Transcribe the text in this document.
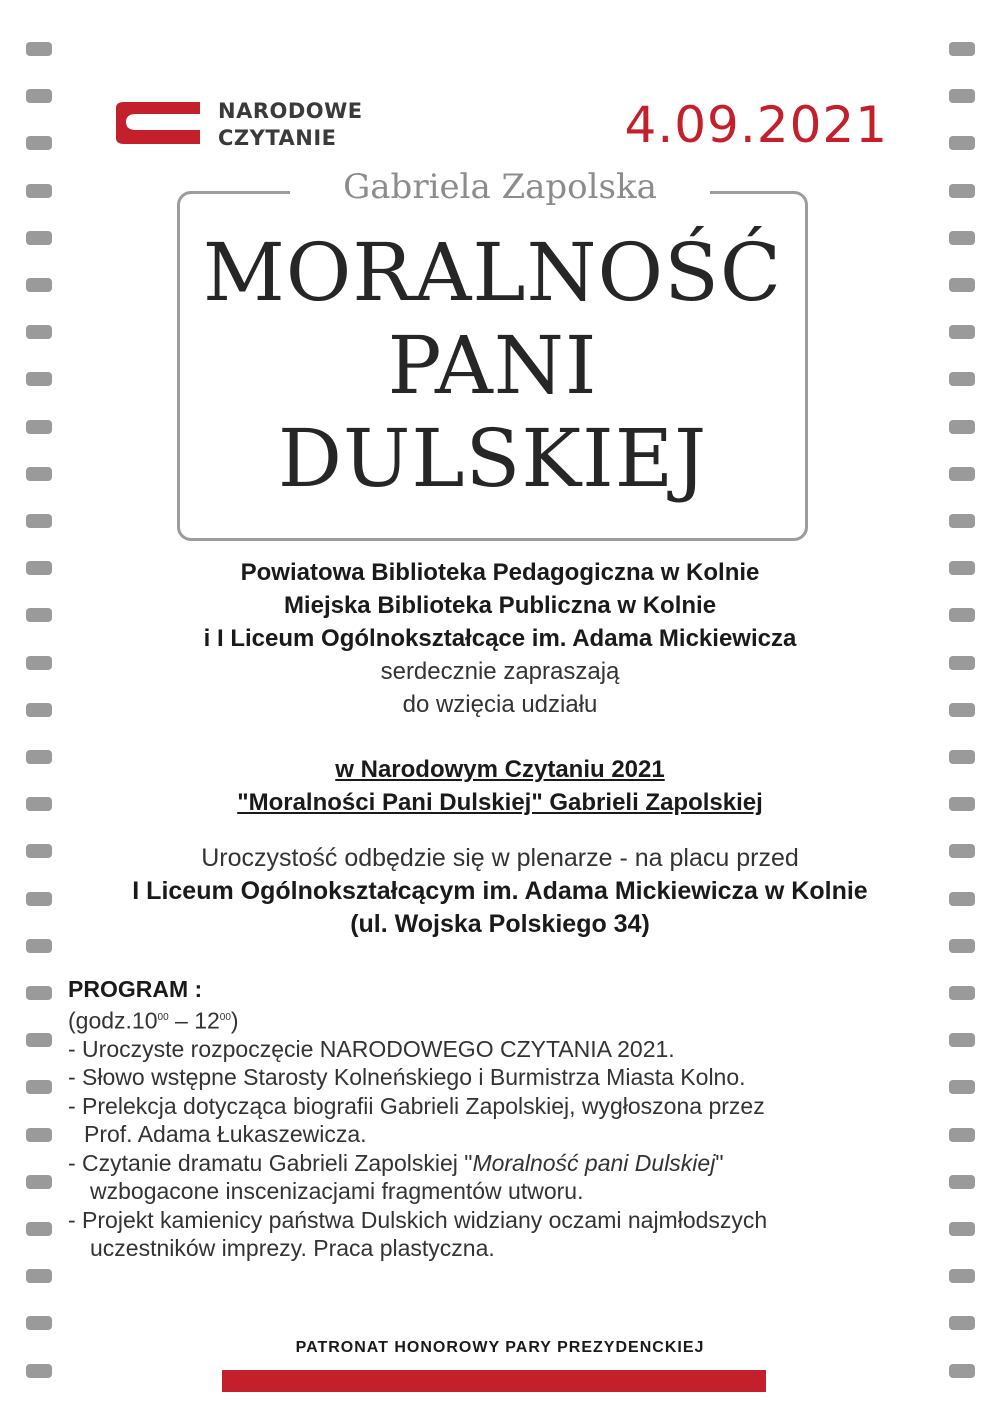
NARODOWE
CZYTANIE	4.09.2021
Gabriela Zapolska
MORALNOŚĆ
PANI
DULSKIEJ
Powiatowa Biblioteka Pedagogiczna w Kolnie
Miejska Biblioteka Publiczna w Kolnie
i I Liceum Ogólnokształcące im. Adama Mickiewicza
serdecznie zapraszają
do wzięcia udziału
w Narodowym Czytaniu 2021
"Moralności Pani Dulskiej" Gabrieli Zapolskiej
Uroczystość odbędzie się w plenarze - na placu przed
I Liceum Ogólnokształcącym im. Adama Mickiewicza w Kolnie
(ul. Wojska Polskiego 34)
PROGRAM :
$(godz.10^{00} - 12^{00})$
- Uroczyste rozpoczęcie NARODOWEGO CZYTANIA 2021.
- Słowo wstępne Starosty Kolneńskiego i Burmistrza Miasta Kolno.
- Prelekcja dotycząca biografii Gabrieli Zapolskiej, wygłoszona przez
Prof. Adama Łukaszewicza.
- Czytanie dramatu Gabrieli Zapolskiej "Moralność pani Dulskiej"
wzbogacone inscenizacjami fragmentów utworu.
- Projekt kamienicy państwa Dulskich widziany oczami najmłodszych
uczestników imprezy. Praca plastyczna.
PATRONAT HONOROWY PARY PREZYDENCKIEJ
